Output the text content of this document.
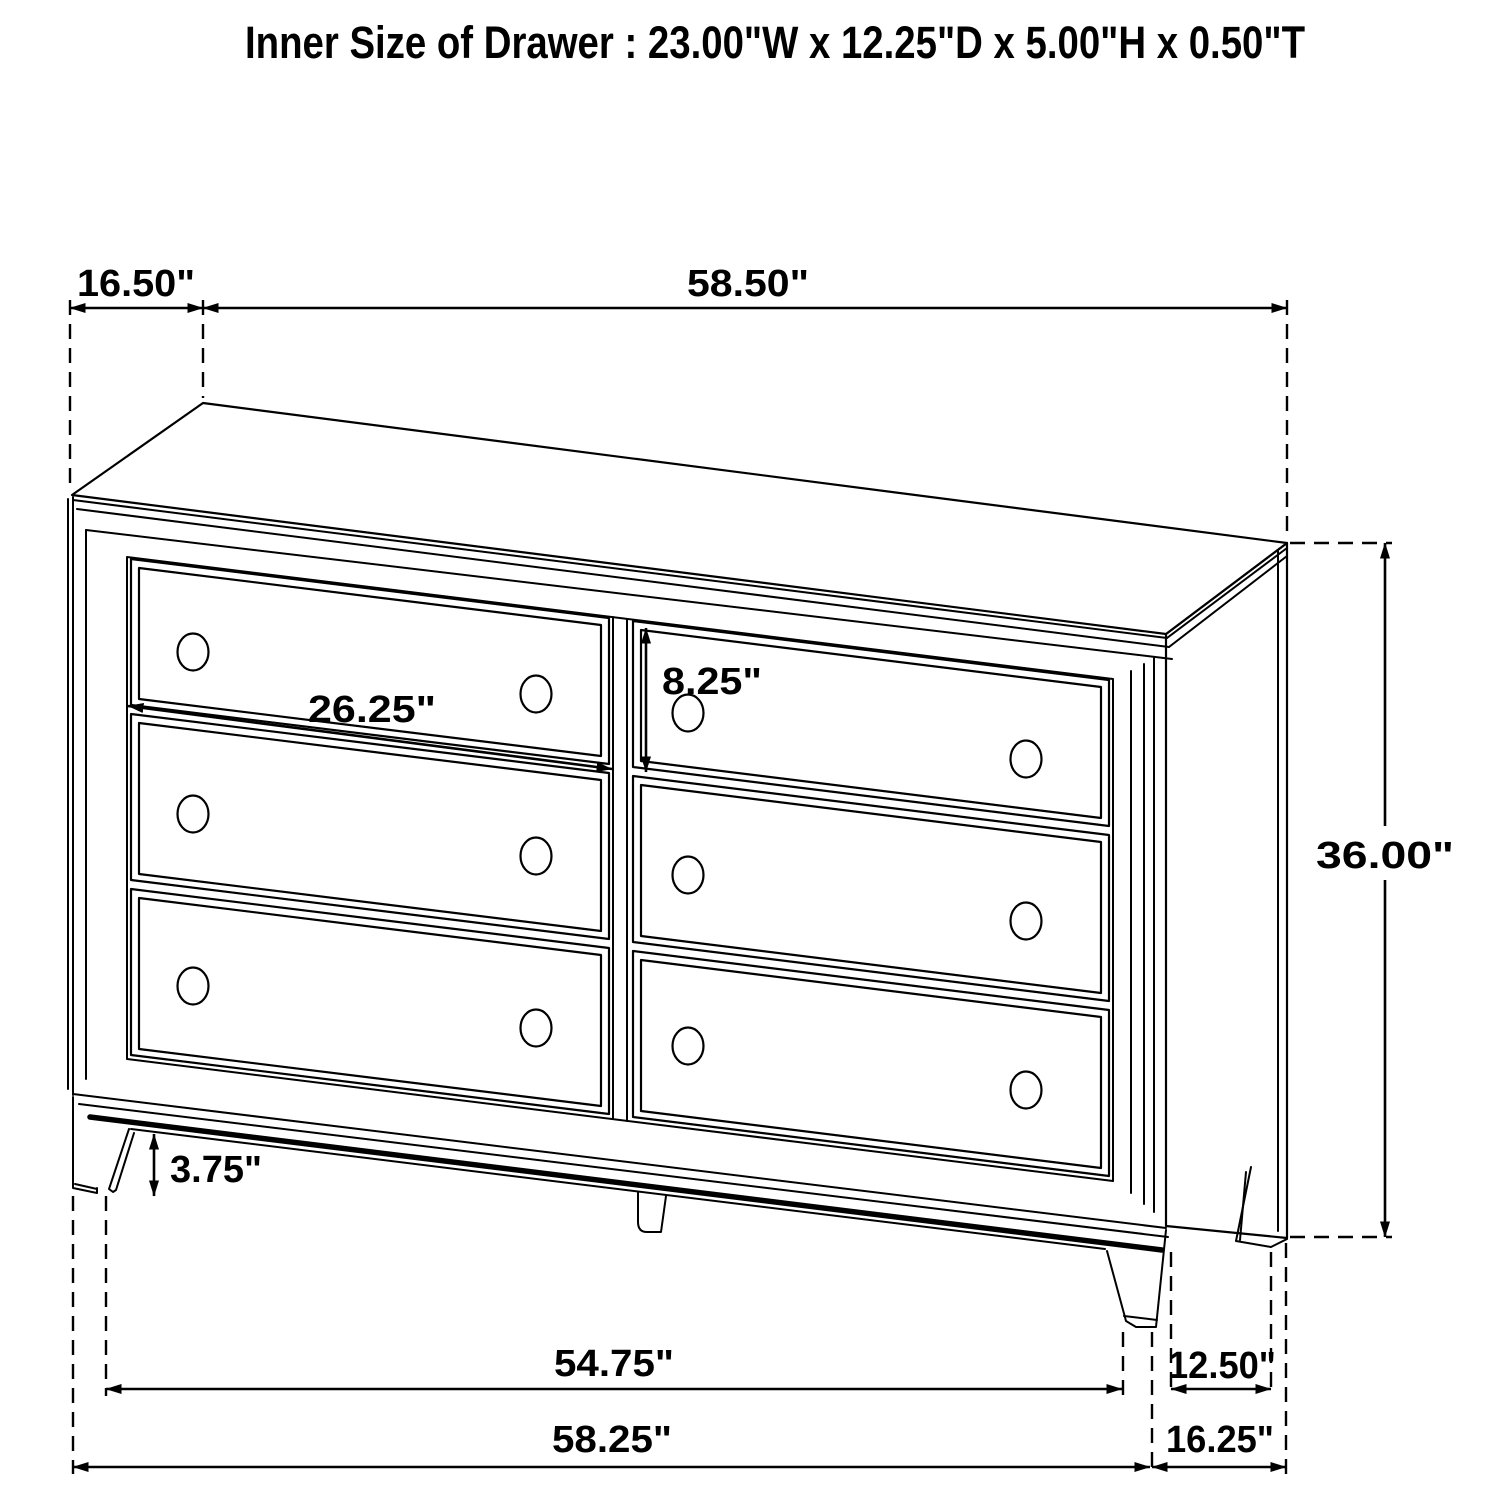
16.50"	58.50"
36.00"
26.25"
8.25"
3.75"
54.75"	12.50"
58.25"	16.25"
Inner Size of Drawer : 23.00"W x 12.25"D x 5.00"H x 0.50"T
